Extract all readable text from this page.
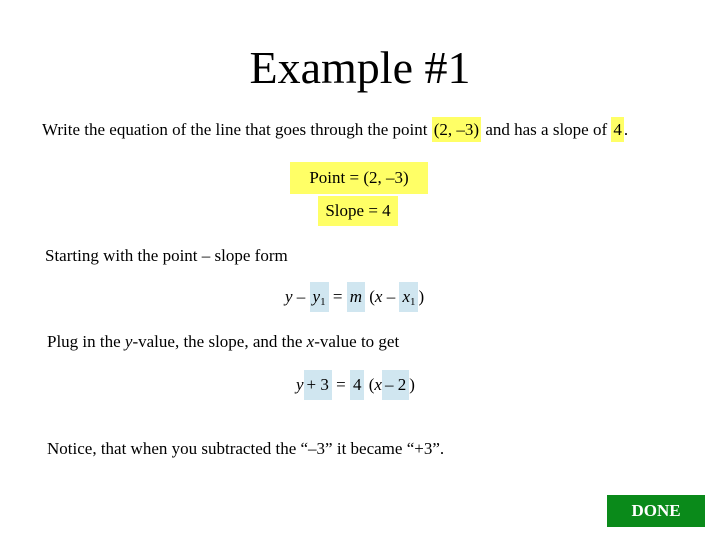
Example #1
Write the equation of the line that goes through the point (2, –3) and has a slope of 4 .
Point = (2, –3)
Slope = 4
Starting with the point – slope form
$y - y_1 = m$ ($x - x_1$ )
Plug in the y-value, the slope, and the x-value to get
y+ 3 = 4 (x– 2 )
Notice, that when you subtracted the “–3” it became “+3”.
DONE
